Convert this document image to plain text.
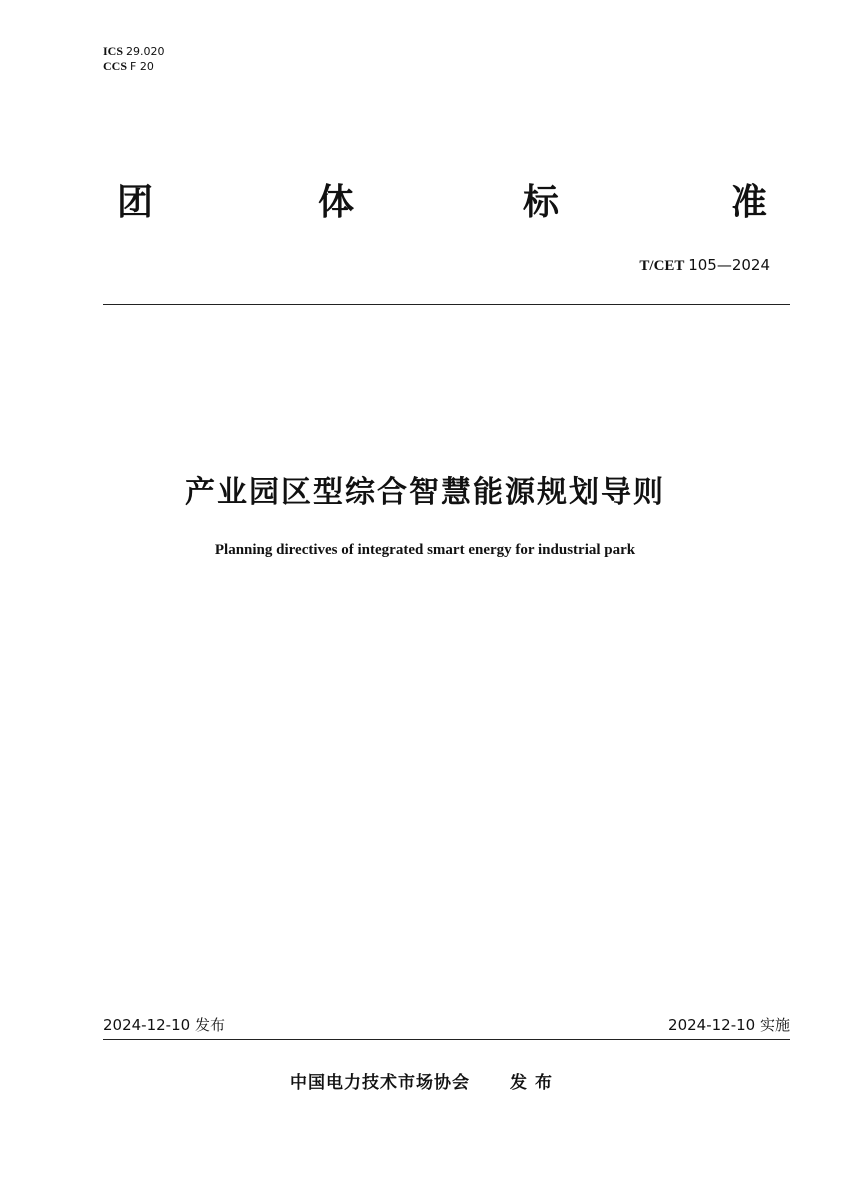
ICS 29.020
CCS F 20
团	体	标	准
T/CET 105—2024
产业园区型综合智慧能源规划导则
Planning directives of integrated smart energy for industrial park
2024-12-10 发布	2024-12-10 实施
中国电力技术市场协会 发布
